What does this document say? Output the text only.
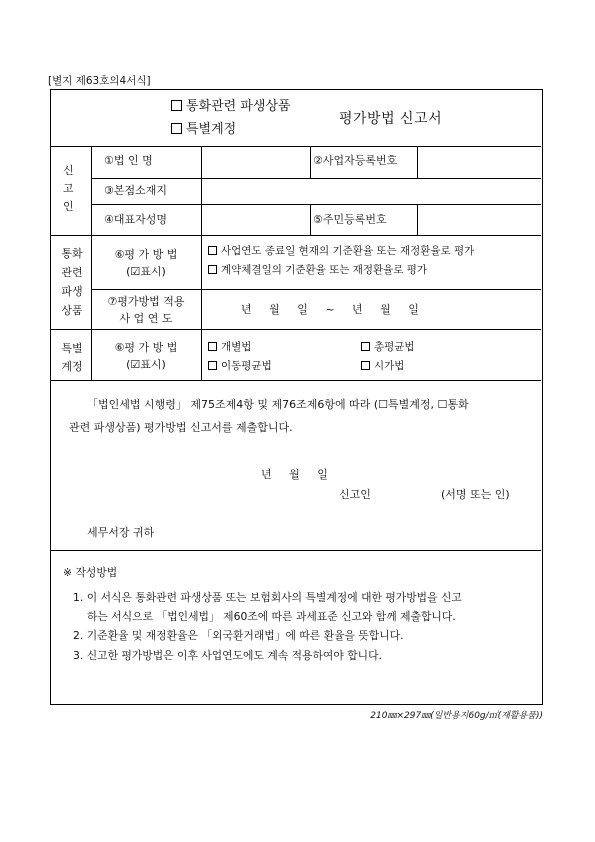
[별지 제63호의4서식]
통화관련 파생상품
특별계정
평가방법 신고서
신
고
인
①법 인 명	②사업자등록번호
③본점소재지
④대표자성명	⑤주민등록번호
통화
관련
파생
상품
⑥평 가 방 법
(☑표시)
사업연도 종료일 현재의 기준환율 또는 재정환율로 평가
계약체결일의 기준환율 또는 재정환율로 평가
⑦평가방법 적용
사 업 연 도
년     월     일     ~     년     월     일
특별
계정
⑥평 가 방 법
(☑표시)
개별법	총평균법
이동평균법	시가법
「법인세법 시행령」 제75조제4항 및 제76조제6항에 따라 (☐특별계정, ☐통화
관련 파생상품) 평가방법 신고서를 제출합니다.
년     월     일
신고인	(서명 또는 인)
세무서장 귀하
※ 작성방법
1. 이 서식은 통화관련 파생상품 또는 보험회사의 특별계정에 대한 평가방법을 신고
하는 서식으로 「법인세법」 제60조에 따른 과세표준 신고와 함께 제출합니다.
2. 기준환율 및 재정환율은 「외국환거래법」에 따른 환율을 뜻합니다.
3. 신고한 평가방법은 이후 사업연도에도 계속 적용하여야 합니다.
210㎜×297㎜(일반용지60g/㎡(재활용품))
